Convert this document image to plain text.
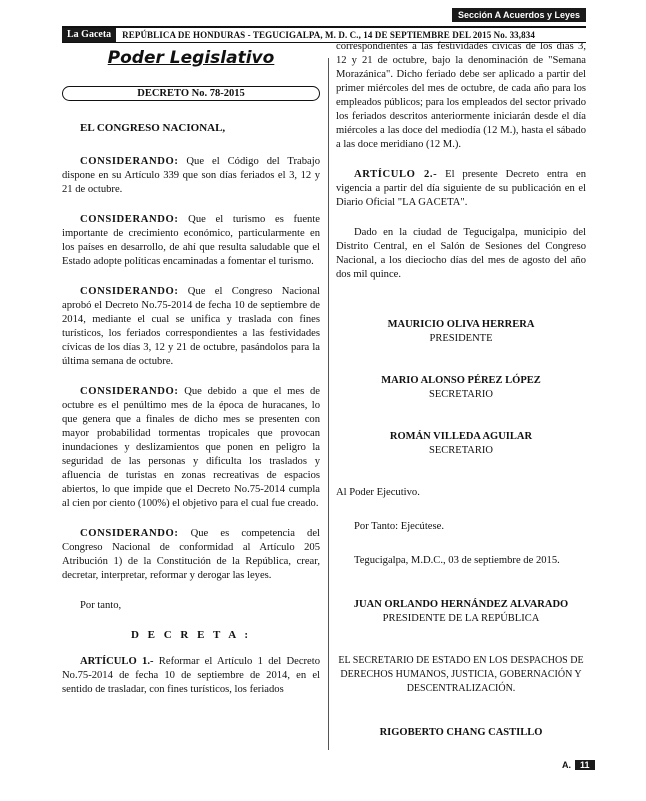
Sección A Acuerdos y Leyes
La Gaceta	REPÚBLICA DE HONDURAS - TEGUCIGALPA, M. D. C., 14 DE SEPTIEMBRE DEL 2015 No. 33,834
Poder Legislativo
DECRETO No. 78-2015

EL CONGRESO NACIONAL,

CONSIDERANDO: Que el Código del Trabajo dispone en su Artículo 339 que son días feriados el 3, 12 y 21 de octubre.

CONSIDERANDO: Que el turismo es fuente importante de crecimiento económico, particularmente en los países en desarrollo, de ahí que resulta saludable que el Estado adopte políticas encaminadas a fomentar el turismo.

CONSIDERANDO: Que el Congreso Nacional aprobó el Decreto No.75-2014 de fecha 10 de septiembre de 2014, mediante el cual se unifica y traslada con fines turísticos, los feriados correspondientes a las festividades cívicas de los días 3, 12 y 21 de octubre, pasándolos para la última semana de octubre.

CONSIDERANDO: Que debido a que el mes de octubre es el penúltimo mes de la época de huracanes, lo que genera que a finales de dicho mes se presenten con mayor probabilidad tormentas tropicales que provocan inundaciones y deslizamientos que ponen en peligro la seguridad de las personas y dificulta los traslados y afluencia de turistas en zonas recreativas de espacios abiertos, lo que impide que el Decreto No.75-2014 cumpla al cien por ciento (100%) el objetivo para el cual fue creado.

CONSIDERANDO: Que es competencia del Congreso Nacional de conformidad al Artículo 205 Atribución 1) de la Constitución de la República, crear, decretar, interpretar, reformar y derogar las leyes.

Por tanto,

D E C R E T A :

ARTÍCULO 1.- Reformar el Artículo 1 del Decreto No.75-2014 de fecha 10 de septiembre de 2014, en el sentido de trasladar, con fines turísticos, los feriados

correspondientes a las festividades cívicas de los días 3, 12 y 21 de octubre, bajo la denominación de "Semana Morazánica". Dicho feriado debe ser aplicado a partir del primer miércoles del mes de octubre, de cada año para los empleados públicos; para los empleados del sector privado los feriados descritos anteriormente iniciarán desde el día miércoles a las doce del mediodía (12 M.), hasta el sábado a las doce meridiano (12 M.).

ARTÍCULO 2.- El presente Decreto entra en vigencia a partir del día siguiente de su publicación en el Diario Oficial "LA GACETA".

Dado en la ciudad de Tegucigalpa, municipio del Distrito Central, en el Salón de Sesiones del Congreso Nacional, a los dieciocho días del mes de agosto del año dos mil quince.

MAURICIO OLIVA HERRERA

PRESIDENTE

MARIO ALONSO PÉREZ LÓPEZ

SECRETARIO

ROMÁN VILLEDA AGUILAR

SECRETARIO

Al Poder Ejecutivo.

Por Tanto: Ejecútese.

Tegucigalpa, M.D.C., 03 de septiembre de 2015.

JUAN ORLANDO HERNÁNDEZ ALVARADO

PRESIDENTE DE LA REPÚBLICA

EL SECRETARIO DE ESTADO EN LOS DESPACHOS DE DERECHOS HUMANOS, JUSTICIA, GOBERNACIÓN Y DESCENTRALIZACIÓN.

RIGOBERTO CHANG CASTILLO

A.	11
